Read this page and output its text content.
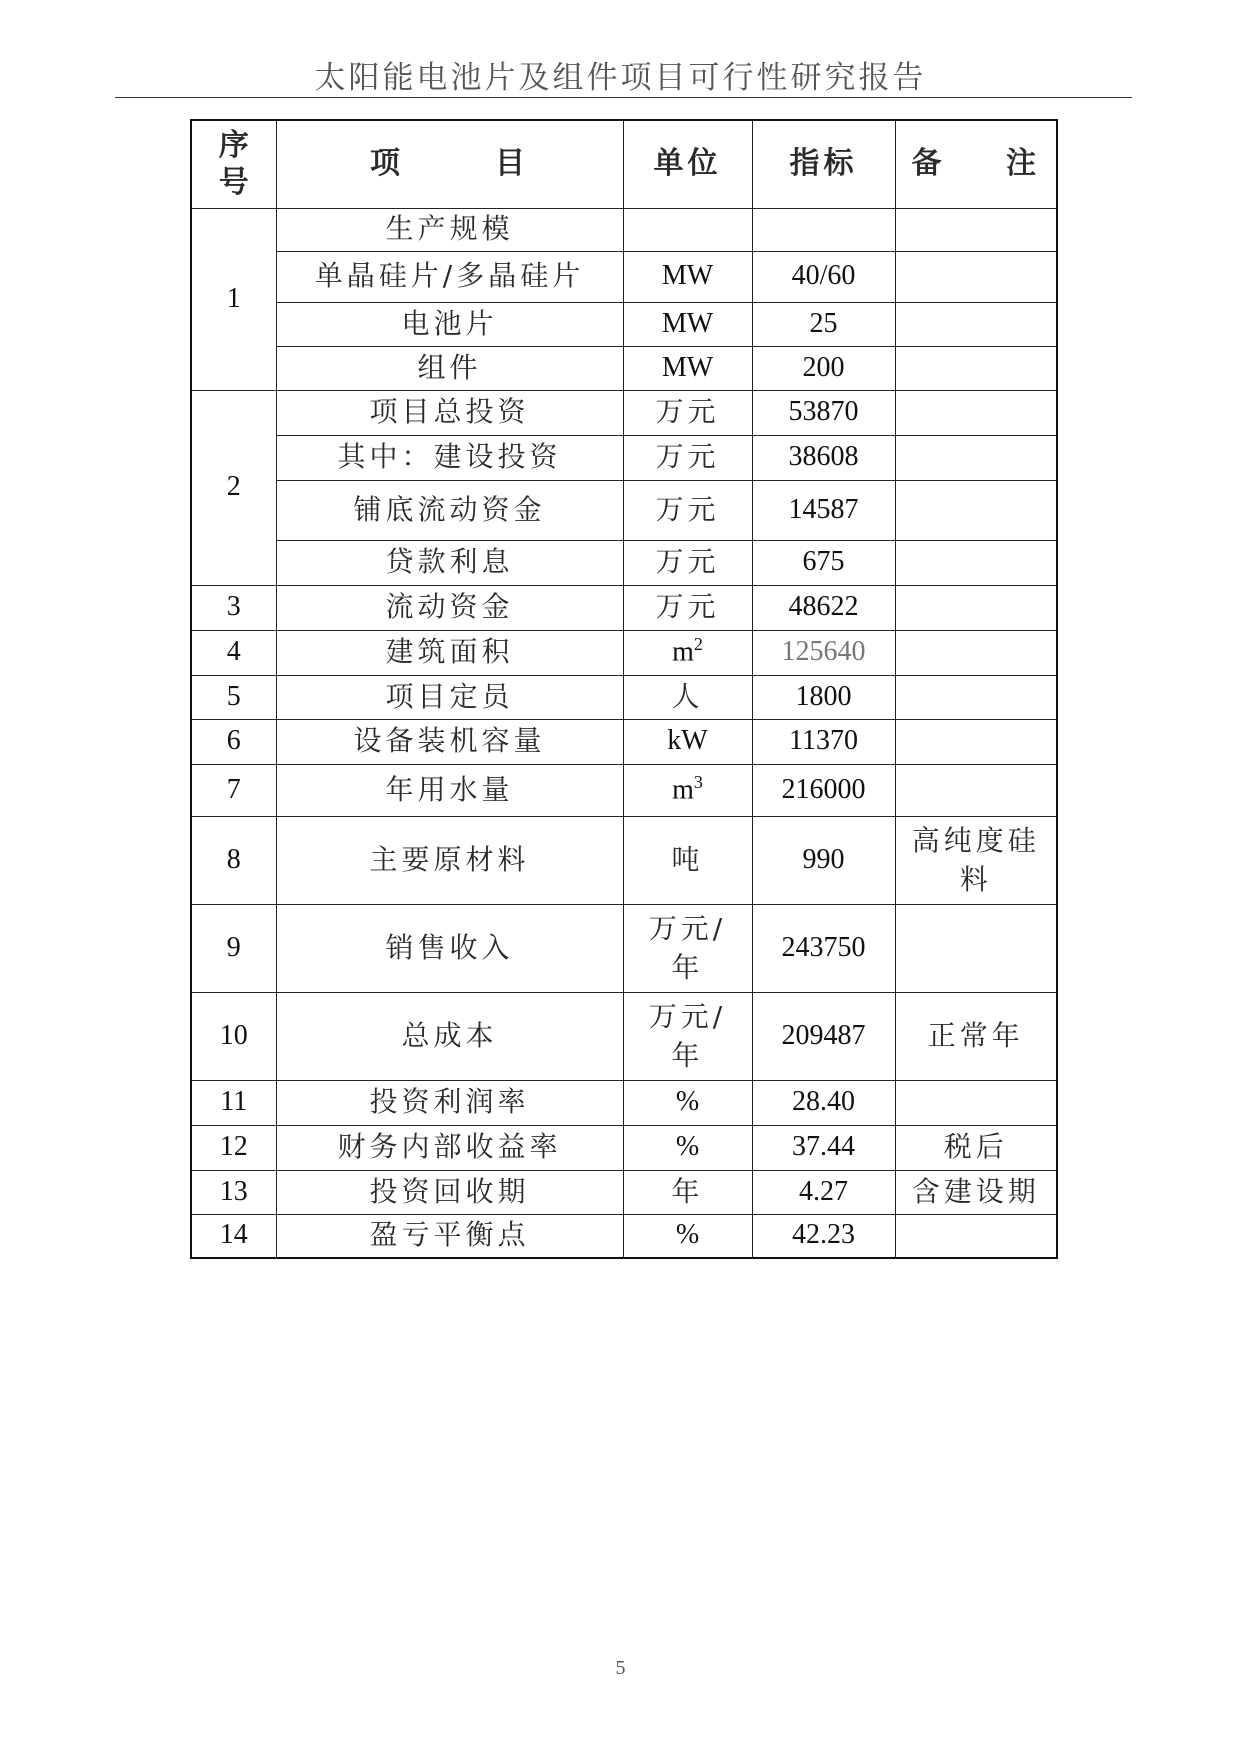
太阳能电池片及组件项目可行性研究报告
序号	项 目	单位	指标	备 注

1	生产规模			
	单晶硅片/多晶硅片	MW	40/60	
	电池片	MW	25	
	组件	MW	200	
2	项目总投资	万元	53870	
	其中：建设投资	万元	38608	
	铺底流动资金	万元	14587	
	贷款利息	万元	675	
3	流动资金	万元	48622	
4	建筑面积	$m^2$	125640	
5	项目定员	人	1800	
6	设备装机容量	kW	11370	
7	年用水量	$m^3$	216000	
8	主要原材料	吨	990	高纯度硅料
9	销售收入	万元/年	243750	
10	总成本	万元/年	209487	正常年
11	投资利润率	%	28.40	
12	财务内部收益率	%	37.44	税后
13	投资回收期	年	4.27	含建设期
14	盈亏平衡点	%	42.23	
5
